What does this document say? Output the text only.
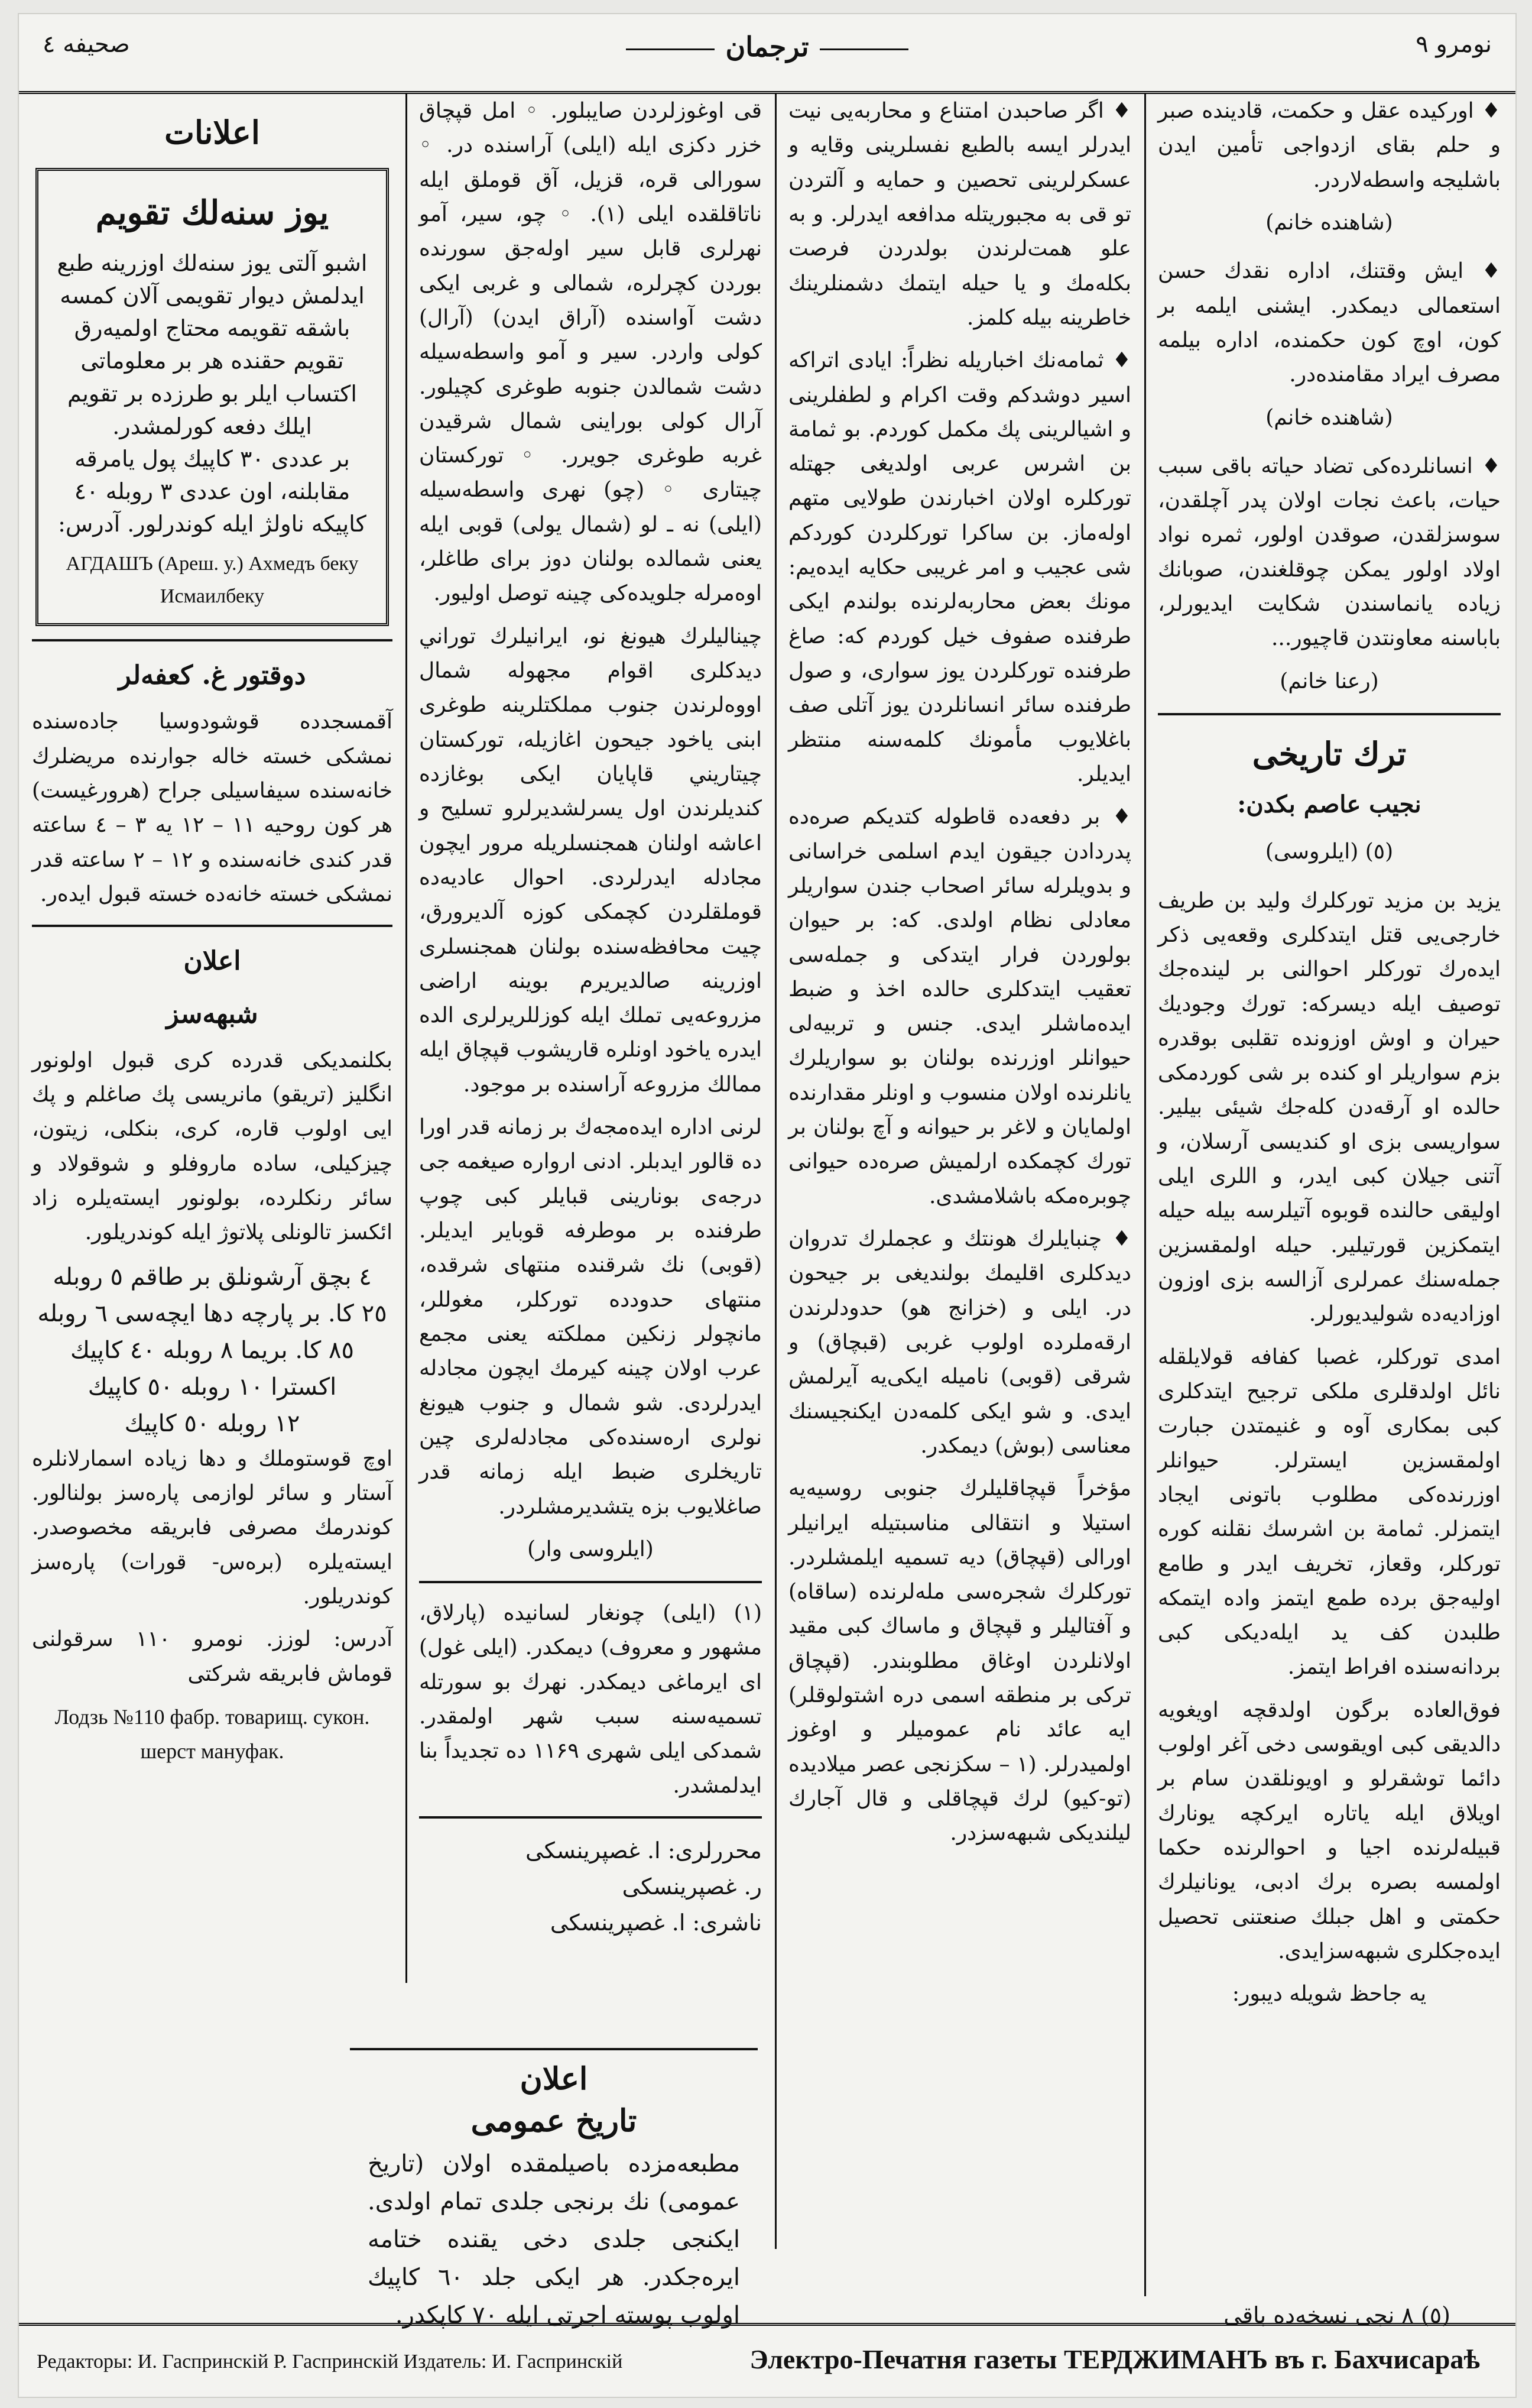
صحيفه ٤	ترجمان	نومرو ٩

♦ اوركيده عقل و حكمت، قادينده صبر و حلم بقاى ازدواجى تأمين ايدن باشليجه واسطه‌لاردر.

(شاهنده خانم)

♦ ايش وقتنك، اداره نقدك حسن استعمالى ديمكدر. ايشنى ايلمه بر كون، اوچ كون حكمنده، اداره بيلمه مصرف ايراد مقامنده‌در.

(شاهنده خانم)

♦ انسانلرده‌كى تضاد حياته باقى سبب حيات، باعث نجات اولان پدر آچلقدن، سوسزلقدن، صوقدن اولور، ثمره نواد اولاد اولور يمكن چوقلغندن، صوبانك زياده يانماسندن شكايت ايديورلر، باباسنه معاونتدن قاچيور...

(رعنا خانم)
ترك تاريخى
نجيب عاصم بكدن:
(٥) (ايلروسى)

يزيد بن مزيد توركلرك وليد بن طريف خارجى‌يى قتل ايتدكلرى وقعه‌يى ذكر ايدەرك توركلر احوالنى بر لينده‌جك توصيف ايله ديسركه: تورك وجوديك حيران و اوش اوزونده تقلبى بوقدره بزم سواريلر او كنده بر شى كوردمكى حالده او آرقه‌دن كله‌جك شيئى بيلير. سواريسى بزى او كنديسى آرسلان، و آتنى جيلان كبى ايدر، و اللرى ايلى اوليقى حالنده قوبوه آتيلرسه بيله حيله ايتمكزين قورتيلير. حيله اولمقسزين جملەسنك عمرلرى آزالسه بزى اوزون اوزاديه‌ده شوليديورلر.

امدى توركلر، غصبا كفافه قولايلقله نائل اولدقلرى ملكى ترجيح ايتدكلرى كبى بمكارى آوه و غنيمتدن جبارت اولمقسزين ايسترلر. حيوانلر اوزرنده‌كى مطلوب باتونى ايجاد ايتمزلر. ثمامة بن اشرسك نقلنه كوره توركلر، وقعاز، تخريف ايدر و طامع اوليه‌جق برده طمع ايتمز واده ايتمكه طلبدن كف يد ايلەديكى كبى بردانه‌سنده افراط ايتمز.

فوق‌العاده برگون اولدقچه اويغويه دالديقى كبى اويقوسى دخى آغر اولوب دائما توشقرلو و اويونلقدن سام بر اويلاق ايله ياتاره ايركچه يونارك قبيله‌لرنده اجيا و احوالرنده حكما اولمسه بصره برك ادبى، يونانيلرك حكمتى و اهل جبلك صنعتنى تحصيل ايدەجكلرى شبهه‌سزايدى.

يه جاحظ شويله ديبور:

♦ اگر صاحبدن امتناع و محاربه‌يى نيت ايدرلر ايسه بالطبع نفسلرينى وقايه و عسكرلرينى تحصين و حمايه و آلتردن تو قى به مجبوريتله مدافعه ايدرلر. و به علو همت‌لرندن بولدردن فرصت بكله‌مك و يا حيله ايتمك دشمنلرينك خاطرينه بيله كلمز.

♦ ثمامه‌نك اخباريله نظراً: ايادى اتراكه اسير دوشدكم وقت اكرام و لطفلرينى و اشيالرينى پك مكمل كوردم. بو ثمامة بن اشرس عربى اولديغى جهتله توركلره اولان اخبارندن طولايى متهم اولەماز. بن ساكرا توركلردن كوردكم شى عجيب و امر غريبى حكايه ايدەيم: مونك بعض محاربەلرنده بولندم ايكى طرفنده صفوف خيل كوردم كه: صاغ طرفنده توركلردن يوز سوارى، و صول طرفنده سائر انسانلردن يوز آتلى صف باغلايوب مأمونك كلمەسنه منتظر ايديلر.

♦ بر دفعه‌ده قاطوله كتديكم صرەده پدردادن جيقون ايدم اسلمى خراسانى و بدويلرله سائر اصحاب جندن سواريلر معادلى نظام اولدى. كه: بر حيوان بولوردن فرار ايتدكى و جمله‌سى تعقيب ايتدكلرى حالده اخذ و ضبط ايدەماشلر ايدى. جنس و تربيەلى حيوانلر اوزرنده بولنان بو سواريلرك يانلرنده اولان منسوب و اونلر مقدارنده اولمايان و لاغر بر حيوانه و آچ بولنان بر تورك كچمكده ارلميش صرەده حيوانى چوبرەمكه باشلامشدى.

♦ چنبايلرك هونتك و عجملرك تدروان ديدكلرى اقليمك بولنديغى بر جيحون در. ايلى و (خزانج هو) حدودلرندن ارقەملرده اولوب غربى (قبچاق) و شرقى (قوبى) ناميله ايكى‌يه آيرلمش ايدى. و شو ايكى كلمەدن ايكنجيسنك معناسى (بوش) ديمكدر.

مؤخراً قپچاقليلرك جنوبى روسيه‌يه استيلا و انتقالى مناسبتيله ايرانيلر اورالى (قپچاق) ديه تسميه ايلمشلردر. توركلرك شجرەسى ملەلرنده (ساقاه) و آفتاليلر و قپچاق و ماساك كبى مقيد اولانلردن اوغاق مطلوبندر. (قپچاق تركى بر منطقه اسمى دره اشتولوقلر) ايه عائد نام عموميلر و اوغوز اولميدرلر. (۱ – سكزنجى عصر ميلاديده (تو-كيو) لرك قپچاقلى و قال آجارك ليلنديكى شبهەسزدر.

قى اوغوزلردن صايبلور. ◦ امل قپچاق خزر دكزى ايله (ايلى) آراسنده در. ◦ سورالى قره، قزيل، آق قوملق ايله ناتاقلقده ايلى (۱). ◦ چو، سير، آمو نهرلرى قابل سير اولەجق سورنده بوردن كچرلره، شمالى و غربى ايكى دشت آواسنده (آراق ايدن) (آرال) كولى واردر. سير و آمو واسطه‌سيله دشت شمالدن جنوبه طوغرى كچيلور. آرال كولى بوراينى شمال شرقيدن غربه طوغرى جويرر. ◦ توركستان چيتارى ◦ (چو) نهرى واسطه‌سيله (ايلى) نه ـ لو (شمال يولى) قوبى ايله يعنى شمالده بولنان دوز براى طاغلر، اوەمرلە جلويده‌كى چينه توصل اوليور.

چيناليلرك هيونغ نو، ايرانيلرك توراني ديدكلرى اقوام مجهوله شمال اووه‌لرندن جنوب مملكتلرينه طوغرى ابنى ياخود جيحون اغازيله، توركستان چيتاريني قاپايان ايكى بوغازده كنديلرندن اول يسرلشديرلرو تسليح و اعاشه اولنان همجنسلريله مرور ايچون مجادله ايدرلردى. احوال عاديه‌ده قوملقلردن كچمكى كوزه آلديرورق، چيت محافظه‌سنده بولنان همجنسلرى اوزرينه صالديريرم بوينه اراضى مزروعه‌يى تملك ايله كوزللريرلرى الده ايدرە ياخود اونلره قاريشوب قپچاق ايله ممالك مزروعه آراسنده بر موجود.

لرنى ادارە ايدەمجەك بر زمانه قدر اورا ده قالور ايدبلر. ادنى ارواره صيغمه جى درجه‌ى بونارينى قبايلر كبى چوپ طرفنده بر موطرفه قوباير ايديلر. (قوبى) نك شرقنده منتهاى شرقده، منتهاى حدودده توركلر، مغوللر، مانچولر زنكين مملكته يعنى مجمع عرب اولان چينه كيرمك ايچون مجادله ايدرلردى. شو شمال و جنوب هيونغ نولرى ارەسنده‌كى مجادلەلرى چين تاريخلرى ضبط ايله زمانه قدر صاغلايوب بزه يتشديرمشلردر.

(ايلروسى وار)

(۱) (ايلى) چونغار لسانيده (پارلاق، مشهور و معروف) ديمكدر. (ايلى غول) اى ايرماغى ديمكدر. نهرك بو سورتله تسميه‌سنه سبب شهر اولمقدر. شمدكى ايلى شهرى ۱۱۶۹ ده تجديداً بنا ايدلمشدر.

محررلرى: ا. غصپرينسكى
ر. غصپرينسكى
ناشرى: ا. غصپرينسكى
اعلانات
يوز سنەلك تقويم
اشبو آلتى يوز سنه‌لك اوزرينه طبع ايدلمش ديوار تقويمى آلان كمسه باشقه تقويمه محتاج اولميه‌رق تقويم حقنده هر بر معلوماتى اكتساب ايلر بو طرزده بر تقويم ايلك دفعه كورلمشدر.
بر عددى ٣٠ كاپيك پول يامرقه مقابلنه، اون عددى ٣ روبله ٤٠ كاپيكه ناولژ ايله كوندرلور. آدرس:
АГДАШЪ (Ареш. у.) Ахмедъ беку Исмаилбеку
دوقتور غ. كعفەلر

آقمسجدده قوشودوسيا جاده‌سنده نمشكى خسته خاله جوارنده مريضلرك خانه‌سنده سيفاسيلى جراح (هرورغيست) هر كون روحيه ١١ – ١٢ يه ٣ – ٤ ساعته قدر كندى خانه‌سنده و ١٢ – ٢ ساعته قدر نمشكى خسته خانه‌ده خسته قبول ايدەر.

اعلان
شبهه‌سز

بكلنمديكى قدرده كرى قبول اولونور انگليز (تريقو) مانريسى پك صاغلم و پك ايى اولوب قاره، كرى، بنكلى، زيتون، چيزكيلى، ساده ماروفلو و شوقولاد و سائر رنكلرده، بولونور ايسته‌يلره زاد ائكسز تالونلى پلاتوژ ايله كوندريلور.

٤ بچق آرشونلق بر طاقم ٥ روبله
٢٥ كا. بر پارچه دها ايچه‌سى ٦ روبله
٨٥ كا. بريما ٨ روبله ٤٠ كاپيك
اكسترا ١٠ روبله ٥٠ كاپيك
١٢ روبله ٥٠ كاپيك

اوچ قوستوملك و دها زياده اسمارلانلره آستار و سائر لوازمى پارەسز بولنالور. كوندرمك مصرفى فابريقه مخصوصدر. ايستەيلره (برەس- قورات) پارەسز كوندريلور.

آدرس: لوزز. نومرو ١١٠ سرقولنى قوماش فابريقه شركتى

Лодзь №110 фабр. товарищ. сукон. шерст мануфак.
اعلان
تاريخ عمومى
مطبعه‌مزده باصيلمقده اولان (تاريخ عمومى) نك برنجى جلدى تمام اولدى. ايكنجى جلدى دخى يقنده ختامه ايرەجكدر. هر ايكى جلد ٦٠ كاپيك اولوب پوسته اجرتى ايله ٧٠ كاپكدر.	(٥) ٨ نجى نسخه‌ده باقى
Редакторы: И. Гаспринскій Р. Гаспринскій Издатель: И. Гаспринскій	Электро-Печатня газеты ТЕРДЖИМАНЪ въ г. Бахчисараѣ
